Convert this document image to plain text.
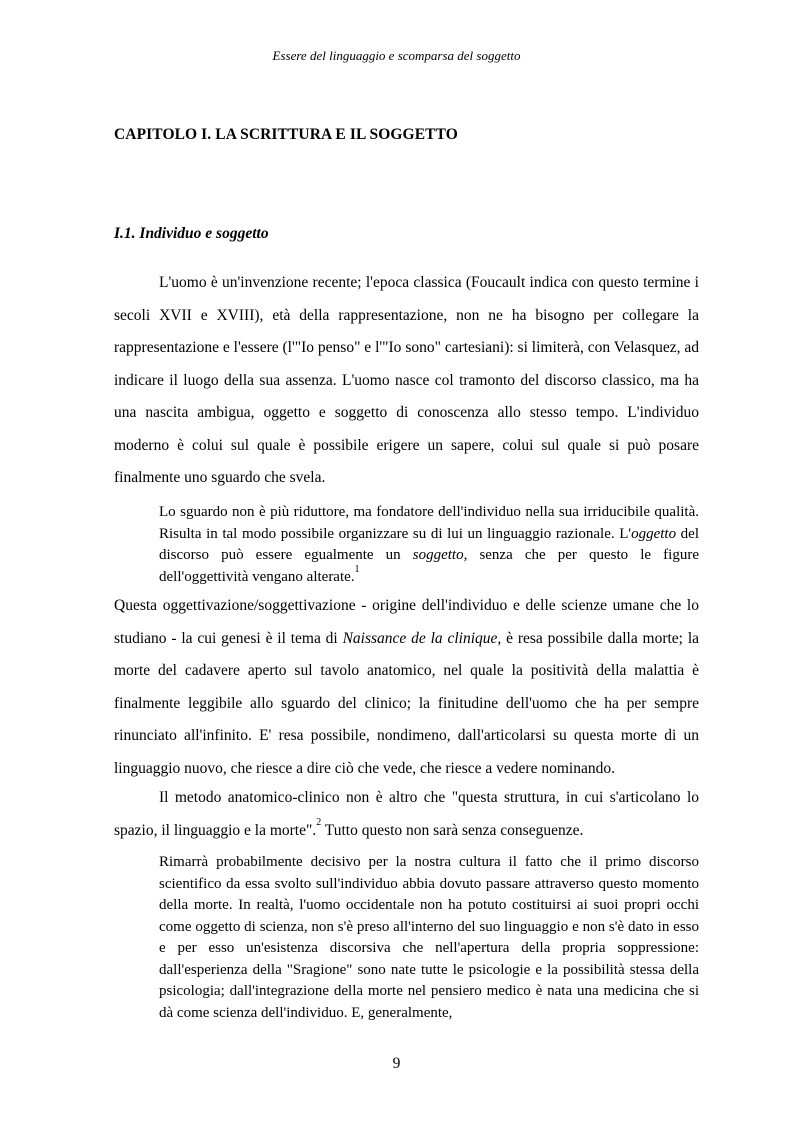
Essere del linguaggio e scomparsa del soggetto
CAPITOLO I. LA SCRITTURA E IL SOGGETTO
I.1. Individuo e soggetto

L'uomo è un'invenzione recente; l'epoca classica (Foucault indica con questo termine i secoli XVII e XVIII), età della rappresentazione, non ne ha bisogno per collegare la rappresentazione e l'essere (l'"Io penso" e l'"Io sono" cartesiani): si limiterà, con Velasquez, ad indicare il luogo della sua assenza. L'uomo nasce col tramonto del discorso classico, ma ha una nascita ambigua, oggetto e soggetto di conoscenza allo stesso tempo. L'individuo moderno è colui sul quale è possibile erigere un sapere, colui sul quale si può posare finalmente uno sguardo che svela.

Lo sguardo non è più riduttore, ma fondatore dell'individuo nella sua irriducibile qualità. Risulta in tal modo possibile organizzare su di lui un linguaggio razionale. L'oggetto del discorso può essere egualmente un soggetto, senza che per questo le figure dell'oggettività vengano alterate.$^1$

Questa oggettivazione/soggettivazione - origine dell'individuo e delle scienze umane che lo studiano - la cui genesi è il tema di Naissance de la clinique, è resa possibile dalla morte; la morte del cadavere aperto sul tavolo anatomico, nel quale la positività della malattia è finalmente leggibile allo sguardo del clinico; la finitudine dell'uomo che ha per sempre rinunciato all'infinito. E' resa possibile, nondimeno, dall'articolarsi su questa morte di un linguaggio nuovo, che riesce a dire ciò che vede, che riesce a vedere nominando.

Il metodo anatomico-clinico non è altro che "questa struttura, in cui s'articolano lo spazio, il linguaggio e la morte".$^2$ Tutto questo non sarà senza conseguenze.

Rimarrà probabilmente decisivo per la nostra cultura il fatto che il primo discorso scientifico da essa svolto sull'individuo abbia dovuto passare attraverso questo momento della morte. In realtà, l'uomo occidentale non ha potuto costituirsi ai suoi propri occhi come oggetto di scienza, non s'è preso all'interno del suo linguaggio e non s'è dato in esso e per esso un'esistenza discorsiva che nell'apertura della propria soppressione: dall'esperienza della "Sragione" sono nate tutte le psicologie e la possibilità stessa della psicologia; dall'integrazione della morte nel pensiero medico è nata una medicina che si dà come scienza dell'individuo. E, generalmente,

9
